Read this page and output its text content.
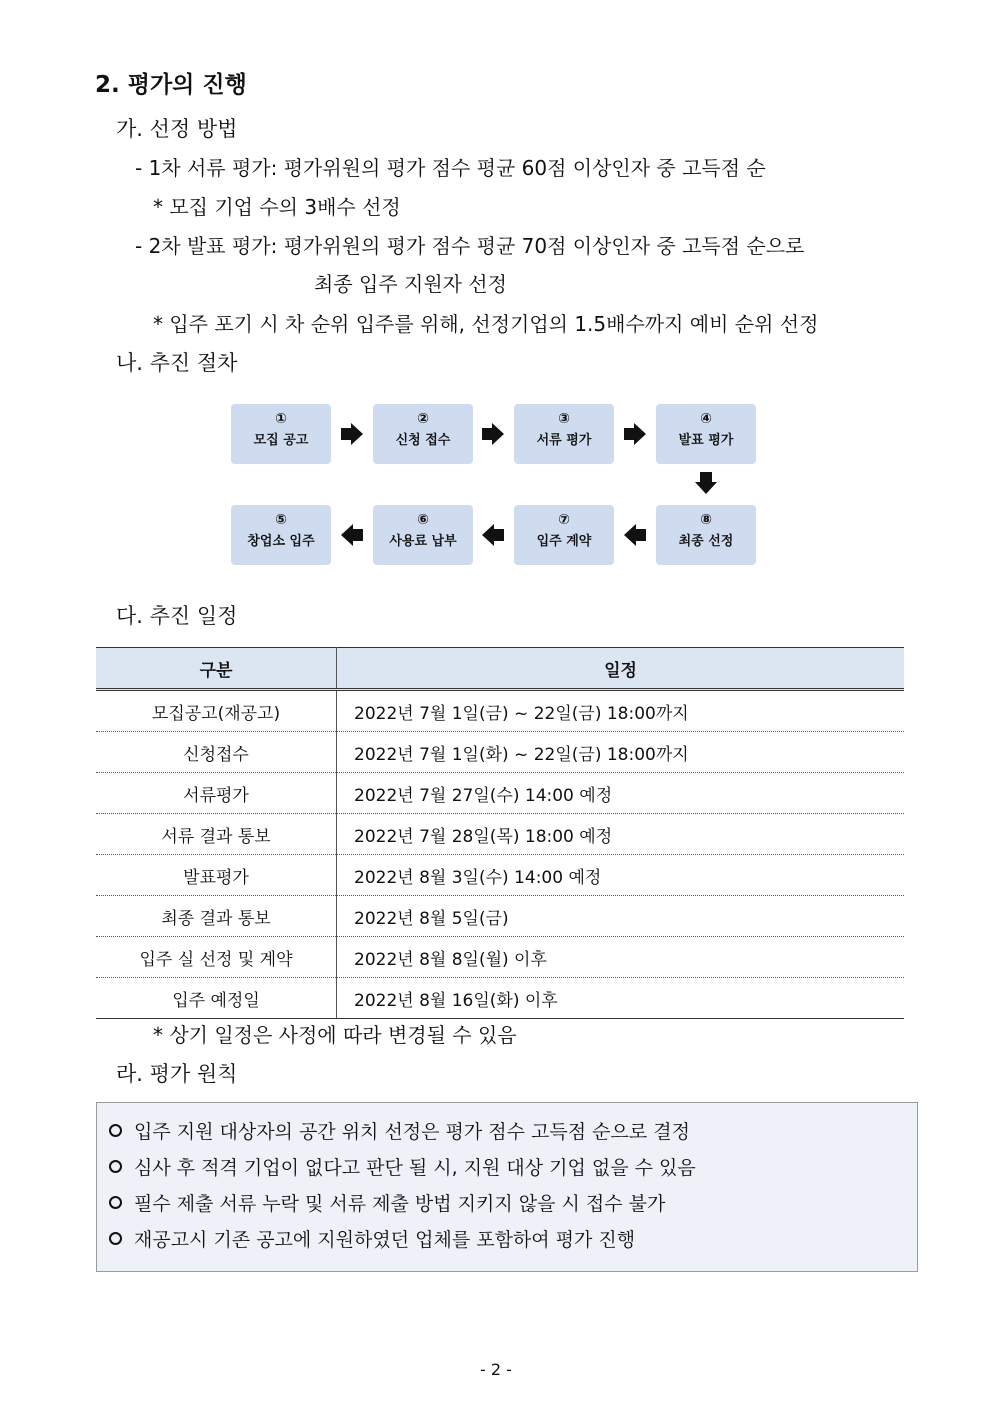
2. 평가의 진행
가. 선정 방법
- 1차 서류 평가: 평가위원의 평가 점수 평균 60점 이상인자 중 고득점 순
* 모집 기업 수의 3배수 선정
- 2차 발표 평가: 평가위원의 평가 점수 평균 70점 이상인자 중 고득점 순으로
최종 입주 지원자 선정
* 입주 포기 시 차 순위 입주를 위해, 선정기업의 1.5배수까지 예비 순위 선정
나. 추진 절차
①
모집 공고
②
신청 접수
③
서류 평가
④
발표 평가
⑤
창업소 입주
⑥
사용료 납부
⑦
입주 계약
⑧
최종 선정
다. 추진 일정
구분	일정
모집공고(재공고)	2022년 7월 1일(금) ~ 22일(금) 18:00까지
신청접수	2022년 7월 1일(화) ~ 22일(금) 18:00까지
서류평가	2022년 7월 27일(수) 14:00 예정
서류 결과 통보	2022년 7월 28일(목) 18:00 예정
발표평가	2022년 8월 3일(수) 14:00 예정
최종 결과 통보	2022년 8월 5일(금)
입주 실 선정 및 계약	2022년 8월 8일(월) 이후
입주 예정일	2022년 8월 16일(화) 이후
* 상기 일정은 사정에 따라 변경될 수 있음
라. 평가 원칙
입주 지원 대상자의 공간 위치 선정은 평가 점수 고득점 순으로 결정
심사 후 적격 기업이 없다고 판단 될 시, 지원 대상 기업 없을 수 있음
필수 제출 서류 누락 및 서류 제출 방법 지키지 않을 시 접수 불가
재공고시 기존 공고에 지원하였던 업체를 포함하여 평가 진행
- 2 -
